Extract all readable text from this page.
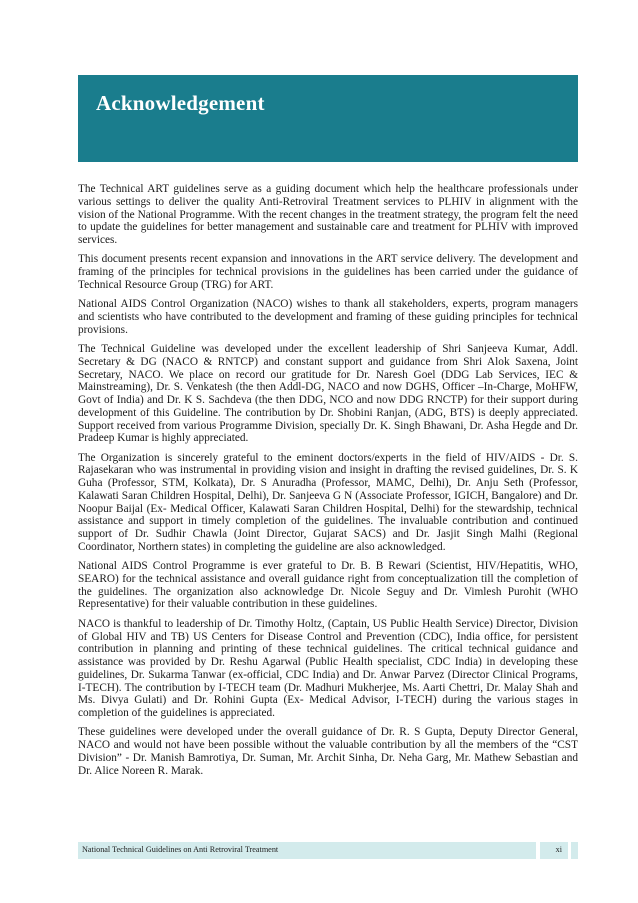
Acknowledgement

The Technical ART guidelines serve as a guiding document which help the healthcare professionals under various settings to deliver the quality Anti-Retroviral Treatment services to PLHIV in alignment with the vision of the National Programme. With the recent changes in the treatment strategy, the program felt the need to update the guidelines for better management and sustainable care and treatment for PLHIV with improved services.

This document presents recent expansion and innovations in the ART service delivery. The development and framing of the principles for technical provisions in the guidelines has been carried under the guidance of Technical Resource Group (TRG) for ART.

National AIDS Control Organization (NACO) wishes to thank all stakeholders, experts, program managers and scientists who have contributed to the development and framing of these guiding principles for technical provisions.

The Technical Guideline was developed under the excellent leadership of Shri Sanjeeva Kumar, Addl. Secretary & DG (NACO & RNTCP) and constant support and guidance from Shri Alok Saxena, Joint Secretary, NACO. We place on record our gratitude for Dr. Naresh Goel (DDG Lab Services, IEC & Mainstreaming), Dr. S. Venkatesh (the then Addl-DG, NACO and now DGHS, Officer –In-Charge, MoHFW, Govt of India) and Dr. K S. Sachdeva (the then DDG, NCO and now DDG RNCTP) for their support during development of this Guideline. The contribution by Dr. Shobini Ranjan, (ADG, BTS) is deeply appreciated. Support received from various Programme Division, specially Dr. K. Singh Bhawani, Dr. Asha Hegde and Dr. Pradeep Kumar is highly appreciated.

The Organization is sincerely grateful to the eminent doctors/experts in the field of HIV/AIDS - Dr. S. Rajasekaran who was instrumental in providing vision and insight in drafting the revised guidelines, Dr. S. K Guha (Professor, STM, Kolkata), Dr. S Anuradha (Professor, MAMC, Delhi), Dr. Anju Seth (Professor, Kalawati Saran Children Hospital, Delhi), Dr. Sanjeeva G N (Associate Professor, IGICH, Bangalore) and Dr. Noopur Baijal (Ex- Medical Officer, Kalawati Saran Children Hospital, Delhi) for the stewardship, technical assistance and support in timely completion of the guidelines. The invaluable contribution and continued support of Dr. Sudhir Chawla (Joint Director, Gujarat SACS) and Dr. Jasjit Singh Malhi (Regional Coordinator, Northern states) in completing the guideline are also acknowledged.

National AIDS Control Programme is ever grateful to Dr. B. B Rewari (Scientist, HIV/Hepatitis, WHO, SEARO) for the technical assistance and overall guidance right from conceptualization till the completion of the guidelines. The organization also acknowledge Dr. Nicole Seguy and Dr. Vimlesh Purohit (WHO Representative) for their valuable contribution in these guidelines.

NACO is thankful to leadership of Dr. Timothy Holtz, (Captain, US Public Health Service) Director, Division of Global HIV and TB) US Centers for Disease Control and Prevention (CDC), India office, for persistent contribution in planning and printing of these technical guidelines. The critical technical guidance and assistance was provided by Dr. Reshu Agarwal (Public Health specialist, CDC India) in developing these guidelines, Dr. Sukarma Tanwar (ex-official, CDC India) and Dr. Anwar Parvez (Director Clinical Programs, I-TECH). The contribution by I-TECH team (Dr. Madhuri Mukherjee, Ms. Aarti Chettri, Dr. Malay Shah and Ms. Divya Gulati) and Dr. Rohini Gupta (Ex- Medical Advisor, I-TECH) during the various stages in completion of the guidelines is appreciated.

These guidelines were developed under the overall guidance of Dr. R. S Gupta, Deputy Director General, NACO and would not have been possible without the valuable contribution by all the members of the “CST Division” - Dr. Manish Bamrotiya, Dr. Suman, Mr. Archit Sinha, Dr. Neha Garg, Mr. Mathew Sebastian and Dr. Alice Noreen R. Marak.

National Technical Guidelines on Anti Retroviral Treatment	xi
